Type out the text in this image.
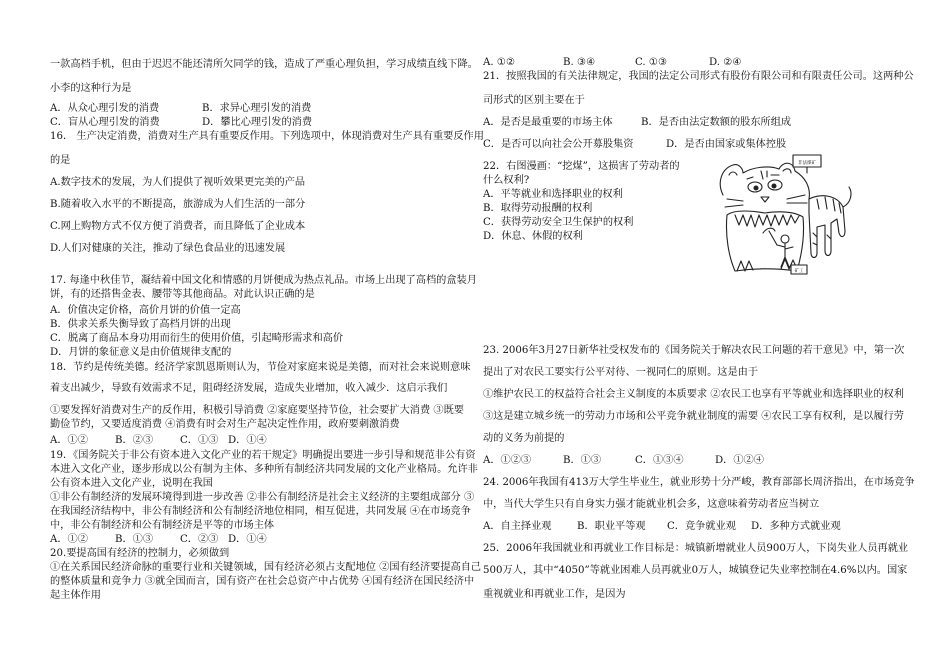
一款高档手机，但由于迟迟不能还清所欠同学的钱，造成了严重心理负担，学习成绩直线下降。
小李的这种行为是
A．从众心理引发的消费	B．求异心理引发的消费
C．盲从心理引发的消费	D．攀比心理引发的消费
16． 生产决定消费，消费对生产具有重要反作用。下列选项中，体现消费对生产具有重要反作用
的是
A.数字技术的发展，为人们提供了视听效果更完美的产品
B.随着收入水平的不断提高，旅游成为人们生活的一部分
C.网上购物方式不仅方便了消费者，而且降低了企业成本
D.人们对健康的关注，推动了绿色食品业的迅速发展
17. 每逢中秋佳节，凝结着中国文化和情感的月饼便成为热点礼品。市场上出现了高档的盒装月
饼，有的还搭售金表、腰带等其他商品。对此认识正确的是
A．价值决定价格，高价月饼的价值一定高
B．供求关系失衡导致了高档月饼的出现
C．脱离了商品本身功用而衍生的使用价值，引起畸形需求和高价
D．月饼的象征意义是由价值规律支配的
18．节约是传统美德。经济学家凯恩斯则认为，节俭对家庭来说是美德，而对社会来说则意味
着支出减少，导致有效需求不足，阻碍经济发展，造成失业增加，收入减少．这启示我们
①要发挥好消费对生产的反作用，积极引导消费 ②家庭要坚持节俭，社会要扩大消费 ③既要
勤俭节约，又要适度消费 ④消费有时会对生产起决定性作用，政府要刺激消费
A．①②	B．②③	C．①③ D．①④
19．《国务院关于非公有资本进入文化产业的若干规定》明确提出要进一步引导和规范非公有资
本进入文化产业，逐步形成以公有制为主体、多种所有制经济共同发展的文化产业格局。允许非
公有资本进入文化产业，说明在我国
①非公有制经济的发展环境得到进一步改善 ②非公有制经济是社会主义经济的主要组成部分 ③
在我国经济结构中，非公有制经济和公有制经济地位相同，相互促进，共同发展 ④在市场竞争
中，非公有制经济和公有制经济是平等的市场主体
A．①②	B．①③	C．②③ D．①④
20.要提高国有经济的控制力，必须做到
①在关系国民经济命脉的重要行业和关键领域，国有经济必须占支配地位 ②国有经济要提高自己
的整体质量和竞争力 ③就全国而言，国有资产在社会总资产中占优势 ④国有经济在国民经济中
起主体作用
A. ①②	B. ③④	C. ①③	D. ②④
21．按照我国的有关法律规定，我国的法定公司形式有股份有限公司和有限责任公司。这两种公
司形式的区别主要在于
A．是否是最重要的市场主体	B．是否由法定数额的股东所组成
C．是否可以向社会公开募股集资	D．是否由国家或集体控股
22．右图漫画：“挖煤”，这损害了劳动者的
什么权利?
A．平等就业和选择职业的权利
B．取得劳动报酬的权利
C．获得劳动安全卫生保护的权利
D．休息、休假的权利
23. 2006年3月27日新华社受权发布的《国务院关于解决农民工问题的若干意见》中，第一次
提出了对农民工要实行公平对待、一视同仁的原则。这是由于
①维护农民工的权益符合社会主义制度的本质要求 ②农民工也享有平等就业和选择职业的权利
③这是建立城乡统一的劳动力市场和公平竞争就业制度的需要 ④农民工享有权利，是以履行劳
动的义务为前提的
A．①②③	B．①③	C．①③④	D．①②④
24. 2006年我国有413万大学生毕业生，就业形势十分严峻，教育部部长周济指出，在市场竞争
中，当代大学生只有自身实力强才能就业机会多，这意味着劳动者应当树立
A．自主择业观	B．职业平等观 C．竞争就业观 D．多种方式就业观
25．2006年我国就业和再就业工作目标是：城镇新增就业人员900万人，下岗失业人员再就业
500万人，其中“4050”等就业困难人员再就业0万人，城镇登记失业率控制在4.6%以内。国家
重视就业和再就业工作，是因为
非法煤矿
矿工
